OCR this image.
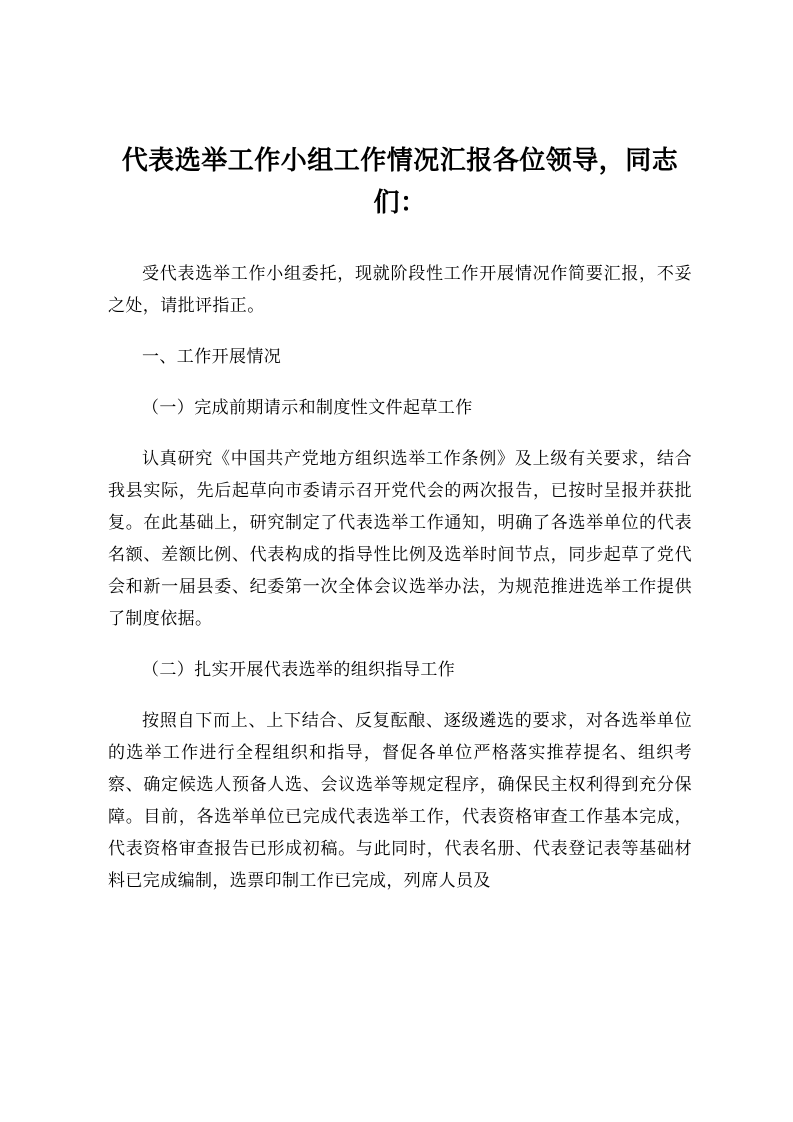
代表选举工作小组工作情况汇报各位领导，同志们：

受代表选举工作小组委托，现就阶段性工作开展情况作简要汇报，不妥之处，请批评指正。

一、工作开展情况

（一）完成前期请示和制度性文件起草工作

认真研究《中国共产党地方组织选举工作条例》及上级有关要求，结合我县实际，先后起草向市委请示召开党代会的两次报告，已按时呈报并获批复。在此基础上，研究制定了代表选举工作通知，明确了各选举单位的代表名额、差额比例、代表构成的指导性比例及选举时间节点，同步起草了党代会和新一届县委、纪委第一次全体会议选举办法，为规范推进选举工作提供了制度依据。

（二）扎实开展代表选举的组织指导工作

按照自下而上、上下结合、反复酝酿、逐级遴选的要求，对各选举单位的选举工作进行全程组织和指导，督促各单位严格落实推荐提名、组织考察、确定候选人预备人选、会议选举等规定程序，确保民主权利得到充分保障。目前，各选举单位已完成代表选举工作，代表资格审查工作基本完成，代表资格审查报告已形成初稿。与此同时，代表名册、代表登记表等基础材料已完成编制，选票印制工作已完成，列席人员及
